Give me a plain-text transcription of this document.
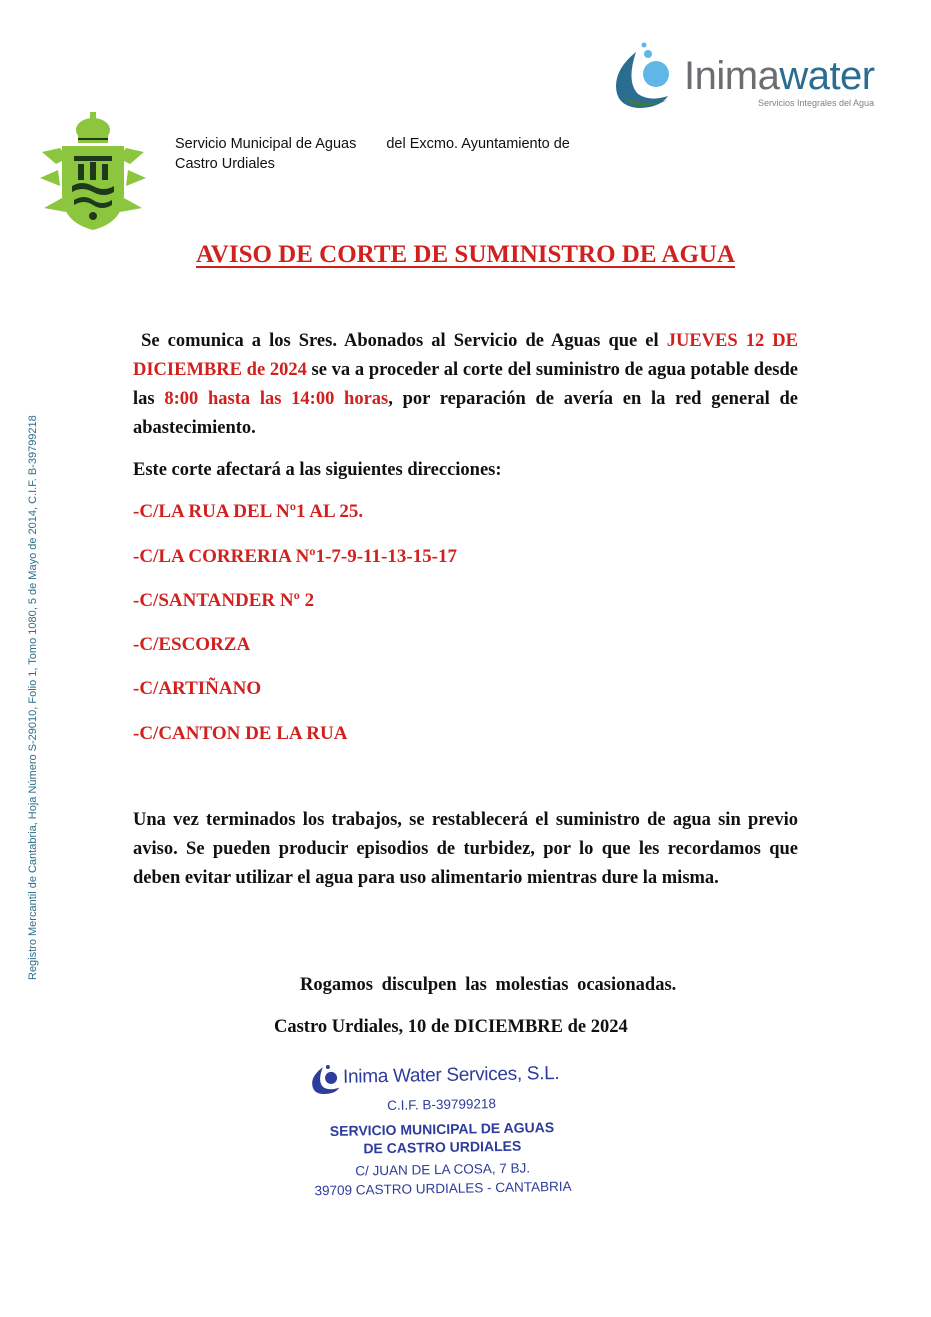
Servicio Municipal de Aguas del Excmo. Ayuntamiento de
Castro Urdiales
Inimawater
Servicios Integrales del Agua
Registro Mercantil de Cantabria, Hoja Número S-29010, Folio 1, Tomo 1080, 5 de Mayo de 2014, C.I.F. B-39799218
AVISO DE CORTE DE SUMINISTRO DE AGUA
Se comunica a los Sres. Abonados al Servicio de Aguas que el JUEVES 12 DE DICIEMBRE de 2024 se va a proceder al corte del suministro de agua potable desde las 8:00 hasta las 14:00 horas, por reparación de avería en la red general de abastecimiento.
Este corte afectará a las siguientes direcciones:
-C/LA RUA DEL Nº1 AL 25.
-C/LA CORRERIA Nº1-7-9-11-13-15-17
-C/SANTANDER Nº 2
-C/ESCORZA
-C/ARTIÑANO
-C/CANTON DE LA RUA
Una vez terminados los trabajos, se restablecerá el suministro de agua sin previo aviso. Se pueden producir episodios de turbidez, por lo que les recordamos que deben evitar utilizar el agua para uso alimentario mientras dure la misma.
Rogamos disculpen las molestias ocasionadas.
Castro Urdiales, 10 de DICIEMBRE de 2024
Inima Water Services, S.L.
C.I.F. B-39799218
SERVICIO MUNICIPAL DE AGUAS
DE CASTRO URDIALES
C/ JUAN DE LA COSA, 7 BJ.
39709 CASTRO URDIALES - CANTABRIA
